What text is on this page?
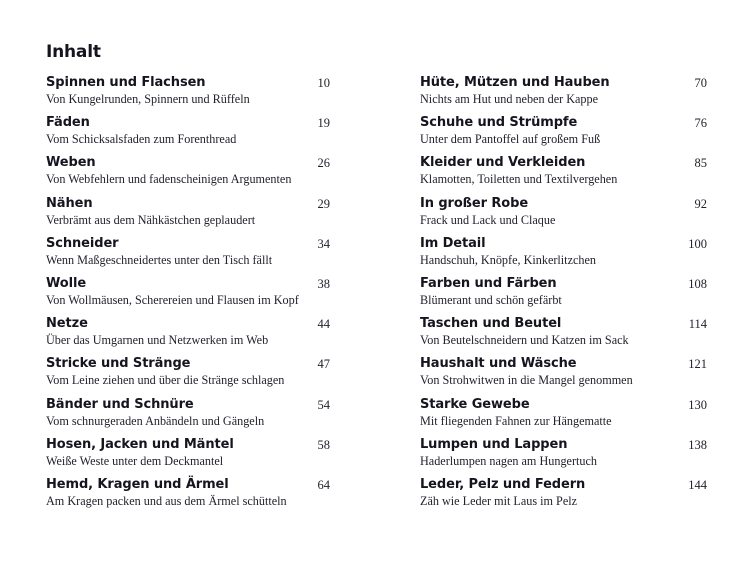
Inhalt
Spinnen und Flachsen
Von Kungelrunden, Spinnern und Rüffeln
10
Fäden
Vom Schicksalsfaden zum Forenthread
19
Weben
Von Webfehlern und fadenscheinigen Argumenten
26
Nähen
Verbrämt aus dem Nähkästchen geplaudert
29
Schneider
Wenn Maßgeschneidertes unter den Tisch fällt
34
Wolle
Von Wollmäusen, Scherereien und Flausen im Kopf
38
Netze
Über das Umgarnen und Netzwerken im Web
44
Stricke und Stränge
Vom Leine ziehen und über die Stränge schlagen
47
Bänder und Schnüre
Vom schnurgeraden Anbändeln und Gängeln
54
Hosen, Jacken und Mäntel
Weiße Weste unter dem Deckmantel
58
Hemd, Kragen und Ärmel
Am Kragen packen und aus dem Ärmel schütteln
64
Hüte, Mützen und Hauben
Nichts am Hut und neben der Kappe
70
Schuhe und Strümpfe
Unter dem Pantoffel auf großem Fuß
76
Kleider und Verkleiden
Klamotten, Toiletten und Textilvergehen
85
In großer Robe
Frack und Lack und Claque
92
Im Detail
Handschuh, Knöpfe, Kinkerlitzchen
100
Farben und Färben
Blümerant und schön gefärbt
108
Taschen und Beutel
Von Beutelschneidern und Katzen im Sack
114
Haushalt und Wäsche
Von Strohwitwen in die Mangel genommen
121
Starke Gewebe
Mit fliegenden Fahnen zur Hängematte
130
Lumpen und Lappen
Haderlumpen nagen am Hungertuch
138
Leder, Pelz und Federn
Zäh wie Leder mit Laus im Pelz
144
